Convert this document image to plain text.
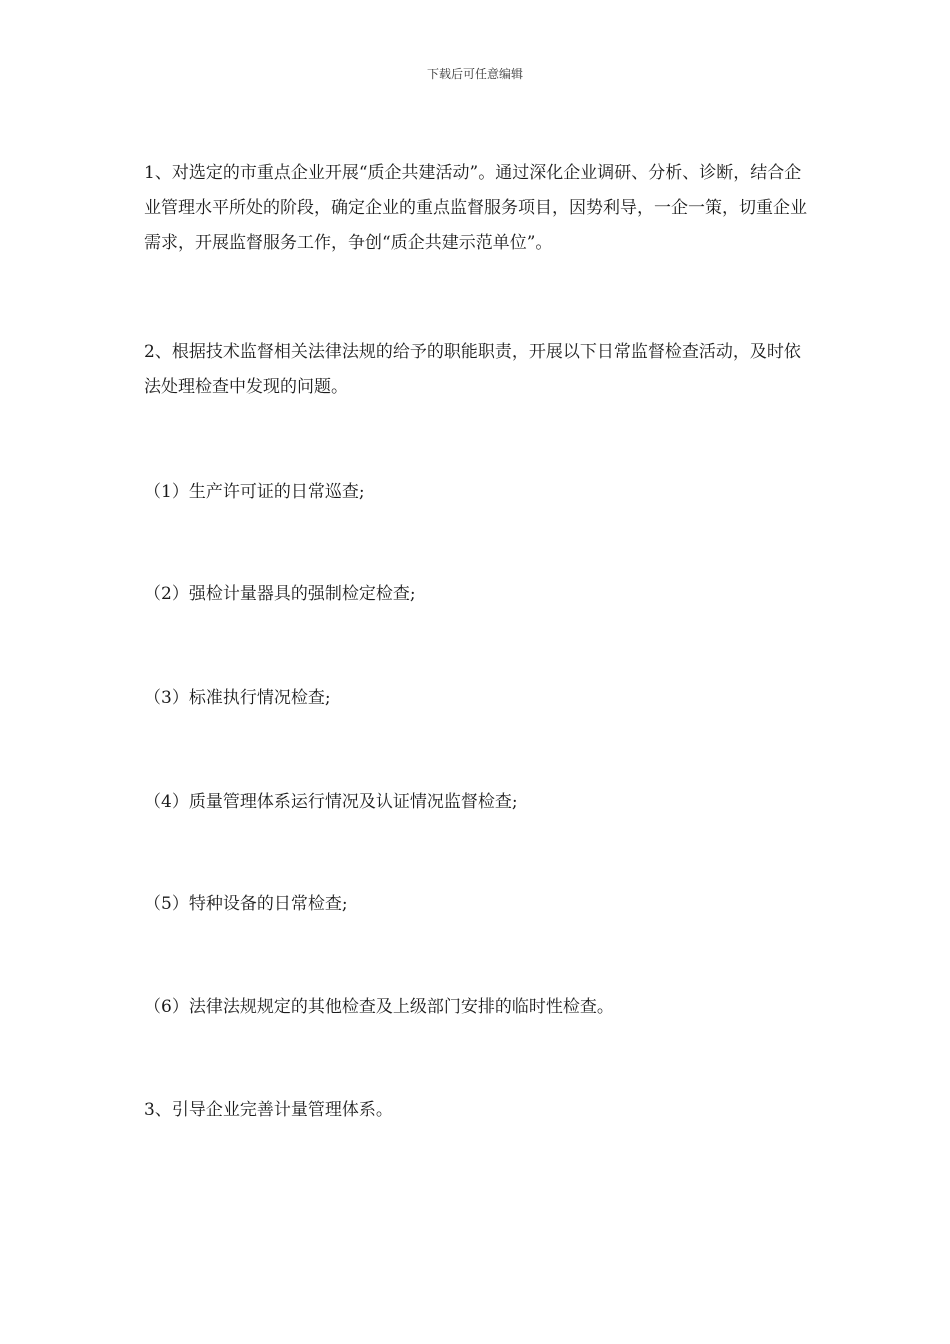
下载后可任意编辑

1、对选定的市重点企业开展“质企共建活动”。通过深化企业调研、分析、诊断，结合企业管理水平所处的阶段，确定企业的重点监督服务项目，因势利导，一企一策，切重企业需求，开展监督服务工作，争创“质企共建示范单位”。

2、根据技术监督相关法律法规的给予的职能职责，开展以下日常监督检查活动，及时依法处理检查中发现的问题。

（1）生产许可证的日常巡查;

（2）强检计量器具的强制检定检查;

（3）标准执行情况检查;

（4）质量管理体系运行情况及认证情况监督检查;

（5）特种设备的日常检查;

（6）法律法规规定的其他检查及上级部门安排的临时性检查。

3、引导企业完善计量管理体系。
